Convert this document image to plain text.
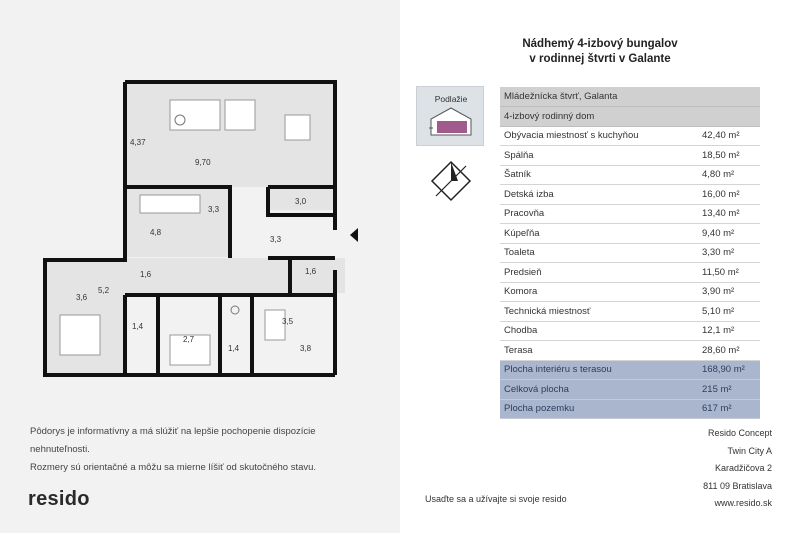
4,37
9,70
3,0
3,3
4,8
3,3
1,6
5,2
1,6
3,6
1,4
2,7
1,4
3,5
3,8
Pôdorys je informatívny a má slúžiť na lepšie pochopenie dispozície
nehnuteľnosti.
Rozmery sú orientačné a môžu sa mierne líšiť od skutočného stavu.
resido
Nádhemý 4-izbový bungalov
v rodinnej štvrti v Galante
Podlažie	Mládežnícka štvrť, Galanta	
4-izbový rodinný dom	
Obývacia miestnosť s kuchyňou	42,40 m²
Spálňa	18,50 m²
Šatník	4,80 m²
Detská izba	16,00 m²
Pracovňa	13,40 m²
Kúpeľňa	9,40 m²
Toaleta	3,30 m²
Predsieň	11,50 m²
Komora	3,90 m²
Technická miestnosť	5,10 m²
Chodba	12,1 m²
Terasa	28,60 m²
Plocha interiéru s terasou	168,90 m²
Celková plocha	215 m²
Plocha pozemku	617 m²
Usaďte sa a užívajte si svoje resido
Resido Concept
Twin City A
Karadžičova 2
811 09 Bratislava
www.resido.sk
